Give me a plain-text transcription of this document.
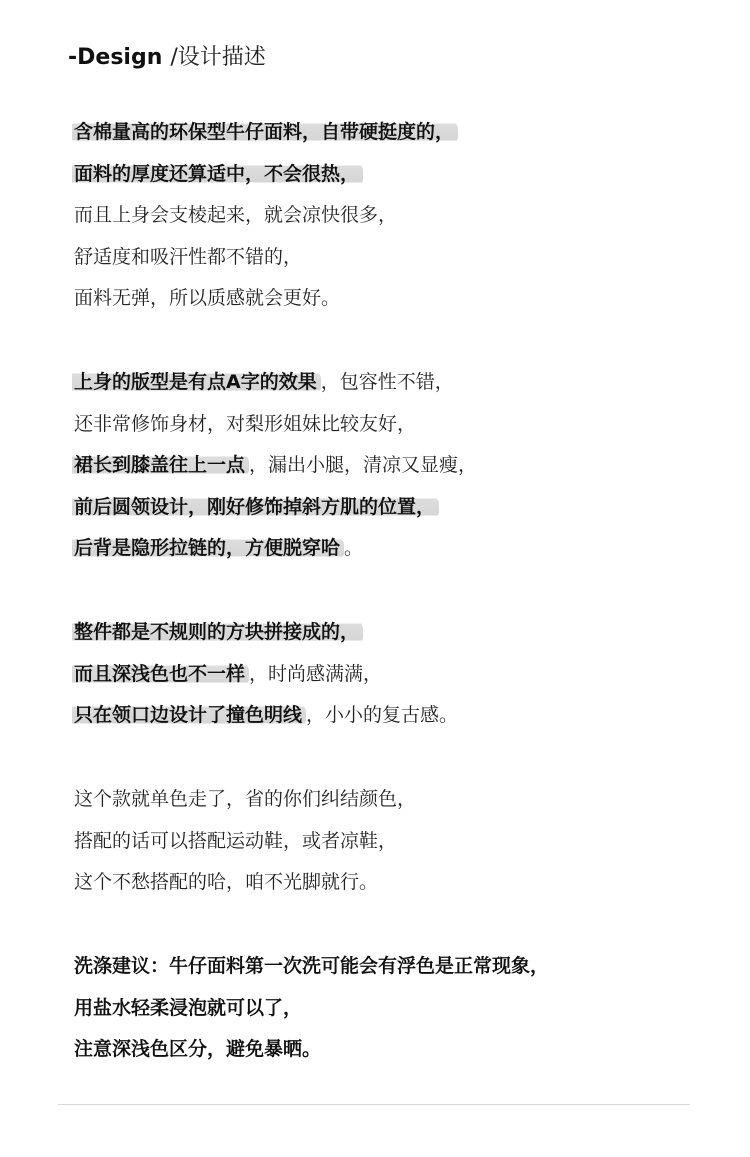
-Design /设计描述
含棉量高的环保型牛仔面料，自带硬挺度的，
面料的厚度还算适中，不会很热，
而且上身会支棱起来，就会凉快很多，
舒适度和吸汗性都不错的，
面料无弹，所以质感就会更好。
上身的版型是有点A字的效果 ，包容性不错，
还非常修饰身材，对梨形姐妹比较友好，
裙长到膝盖往上一点 ，漏出小腿，清凉又显瘦，
前后圆领设计，刚好修饰掉斜方肌的位置，
后背是隐形拉链的，方便脱穿哈 。
整件都是不规则的方块拼接成的，
而且深浅色也不一样 ，时尚感满满，
只在领口边设计了撞色明线 ，小小的复古感。
这个款就单色走了，省的你们纠结颜色，
搭配的话可以搭配运动鞋，或者凉鞋，
这个不愁搭配的哈，咱不光脚就行。
洗涤建议：牛仔面料第一次洗可能会有浮色是正常现象，
用盐水轻柔浸泡就可以了，
注意深浅色区分，避免暴晒。
